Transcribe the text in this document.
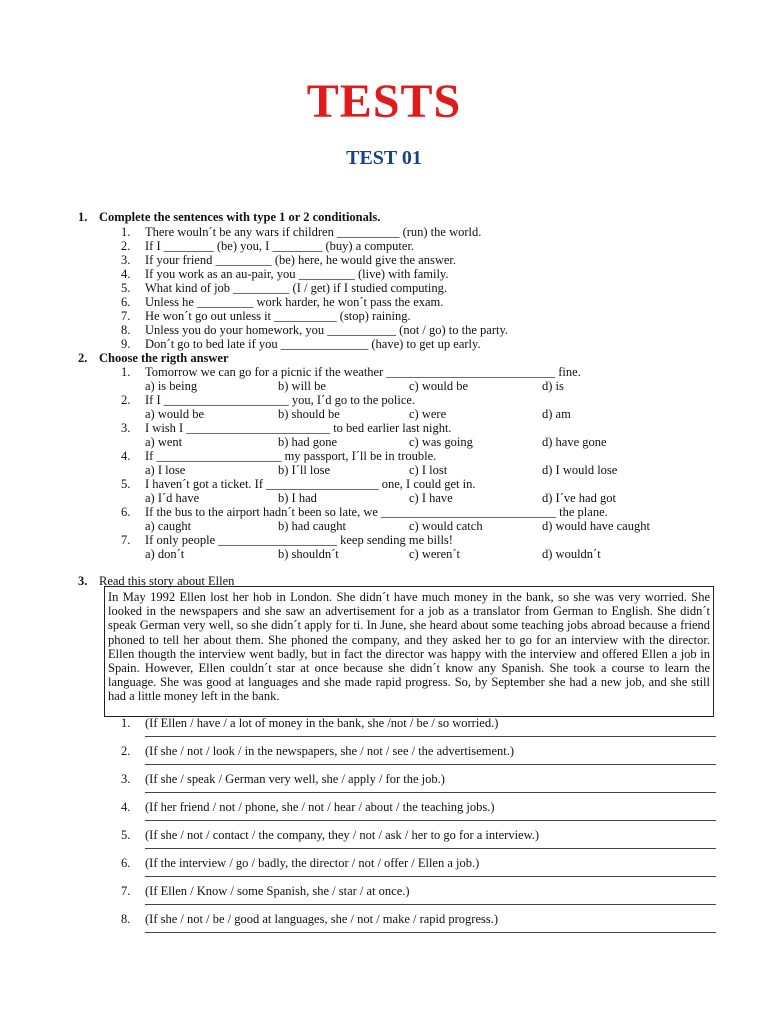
TESTS
TEST 01
1. Complete the sentences with type 1 or 2 conditionals.
1. There wouln´t be any wars if children __________ (run) the world.
2. If I ________ (be) you, I ________ (buy) a computer.
3. If your friend _________ (be) here, he would give the answer.
4. If you work as an au-pair, you _________ (live) with family.
5. What kind of job _________ (I / get) if I studied computing.
6. Unless he _________ work harder, he won´t pass the exam.
7. He won´t go out unless it __________ (stop) raining.
8. Unless you do your homework, you ___________ (not / go) to the party.
9. Don´t go to bed late if you ______________ (have) to get up early.
2. Choose the rigth answer
1. Tomorrow we can go for a picnic if the weather ___________________________ fine.
a) is being	b) will be	c) would be	d) is
2. If I ____________________ you, I´d go to the police.
a) would be	b) should be	c) were	d) am
3. I wish I _______________________ to bed earlier last night.
a) went	b) had gone	c) was going	d) have gone
4. If ____________________ my passport, I´ll be in trouble.
a) I lose	b) I´ll lose	c) I lost	d) I would lose
5. I haven´t got a ticket. If __________________ one, I could get in.
a) I´d have	b) I had	c) I have	d) I´ve had got
6. If the bus to the airport hadn´t been so late, we ____________________________ the plane.
a) caught	b) had caught	c) would catch	d) would have caught
7. If only people ___________________ keep sending me bills!
a) don´t	b) shouldn´t	c) weren´t	d) wouldn´t
3. Read this story about Ellen
In May 1992 Ellen lost her hob in London. She didn´t have much money in the bank, so she was very worried. She looked in the newspapers and she saw an advertisement for a job as a translator from German to English. She didn´t speak German very well, so she didn´t apply for ti. In June, she heard about some teaching jobs abroad because a friend phoned to tell her about them. She phoned the company, and they asked her to go for an interview with the director. Ellen thougth the interview went badly, but in fact the director was happy with the interview and offered Ellen a job in Spain. However, Ellen couldn´t star at once because she didn´t know any Spanish. She took a course to learn the language. She was good at languages and she made rapid progress. So, by September she had a new job, and she still had a little money left in the bank.
1. (If Ellen / have / a lot of money in the bank, she /not / be / so worried.)
2. (If she / not / look / in the newspapers, she / not / see / the advertisement.)
3. (If she / speak / German very well, she / apply / for the job.)
4. (If her friend / not / phone, she / not / hear / about / the teaching jobs.)
5. (If she / not / contact / the company, they / not / ask / her to go for a interview.)
6. (If the interview / go / badly, the director / not / offer / Ellen a job.)
7. (If Ellen / Know / some Spanish, she / star / at once.)
8. (If she / not / be / good at languages, she / not / make / rapid progress.)
